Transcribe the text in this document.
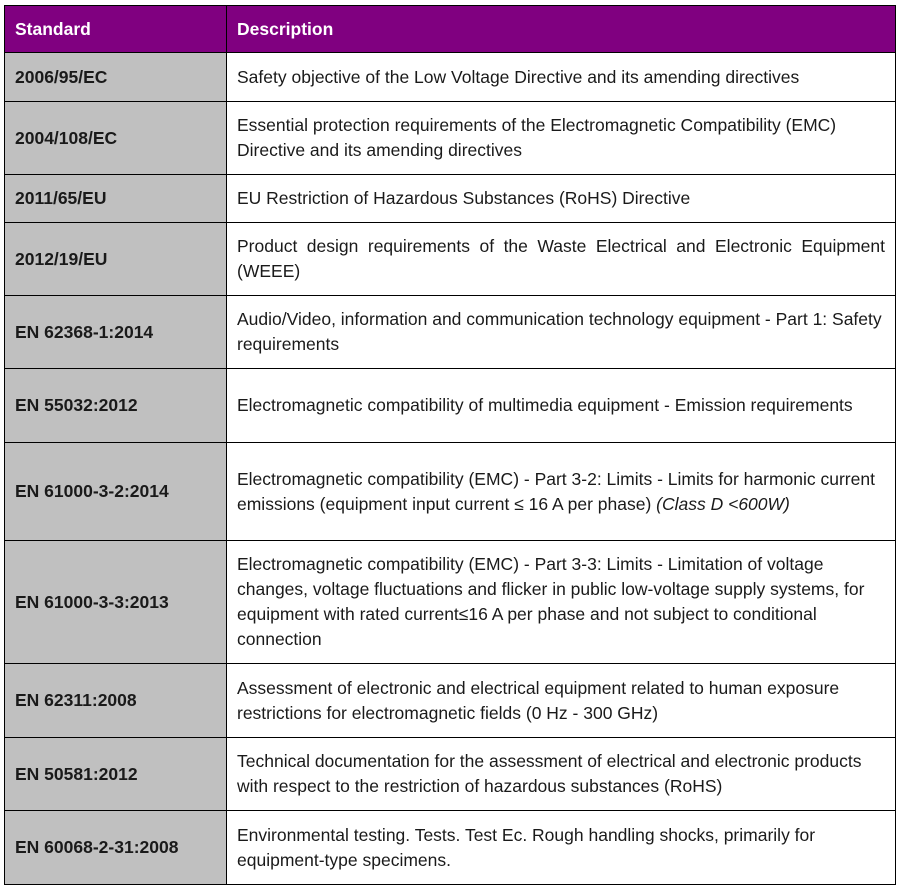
Standard	Description
2006/95/EC	Safety objective of the Low Voltage Directive and its amending directives
2004/108/EC	Essential protection requirements of the Electromagnetic Compatibility (EMC) Directive and its amending directives
2011/65/EU	EU Restriction of Hazardous Substances (RoHS) Directive
2012/19/EU	Product design requirements of the Waste Electrical and Electronic Equipment (WEEE)
EN 62368-1:2014	Audio/Video, information and communication technology equipment - Part 1: Safety requirements
EN 55032:2012	Electromagnetic compatibility of multimedia equipment - Emission requirements
EN 61000-3-2:2014	Electromagnetic compatibility (EMC) - Part 3-2: Limits - Limits for harmonic current emissions (equipment input current ≤ 16 A per phase) (Class D <600W)
EN 61000-3-3:2013	Electromagnetic compatibility (EMC) - Part 3-3: Limits - Limitation of voltage changes, voltage fluctuations and flicker in public low-voltage supply systems, for equipment with rated current≤16 A per phase and not subject to conditional connection
EN 62311:2008	Assessment of electronic and electrical equipment related to human exposure restrictions for electromagnetic fields (0 Hz - 300 GHz)
EN 50581:2012	Technical documentation for the assessment of electrical and electronic products with respect to the restriction of hazardous substances (RoHS)
EN 60068-2-31:2008	Environmental testing. Tests. Test Ec. Rough handling shocks, primarily for equipment-type specimens.
